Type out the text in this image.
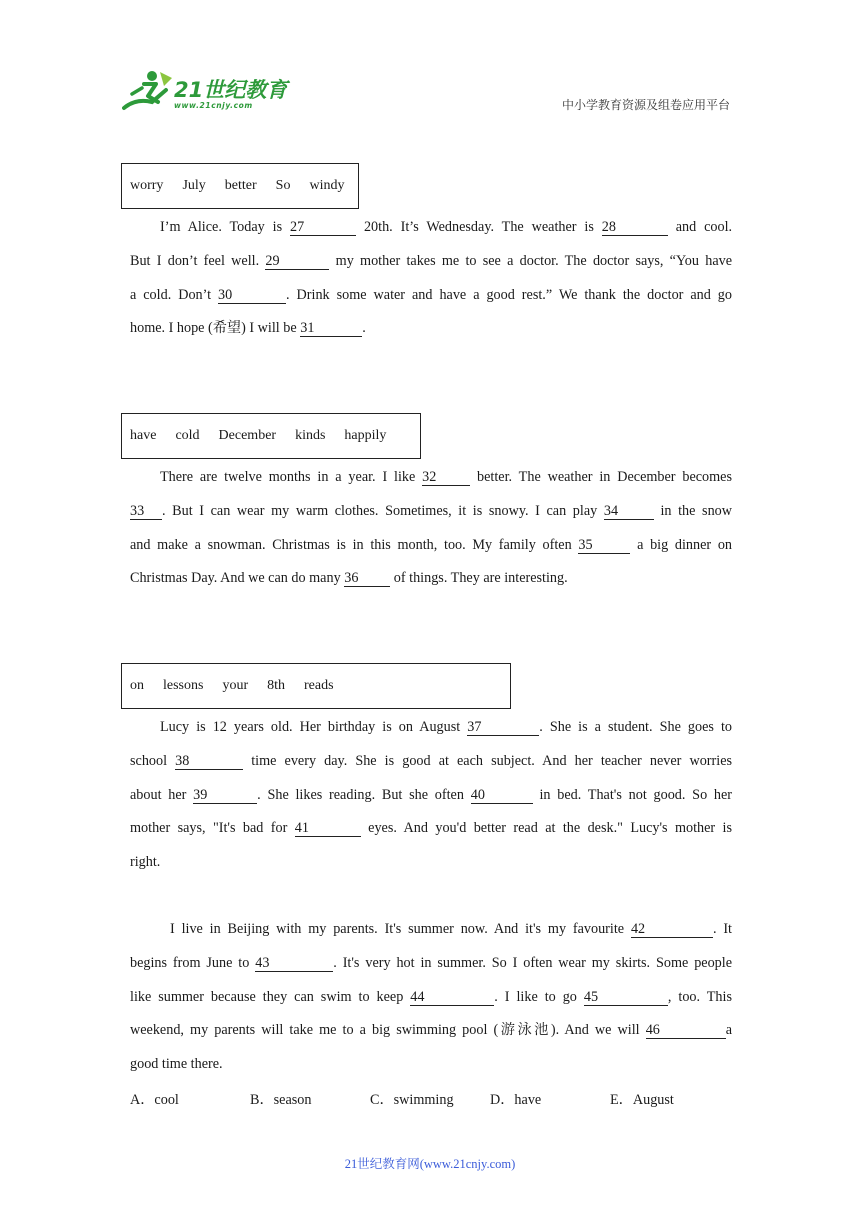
21世纪教育
www.21cnjy.com	中小学教育资源及组卷应用平台
worry July better So windy
I’m Alice. Today is 27	20th. It’s Wednesday. The weather is 28	and cool.
But I don’t feel well. 29	my mother takes me to see a doctor. The doctor says, “You have
a cold. Don’t 30	. Drink some water and have a good rest.” We thank the doctor and go
home. I hope (希望) I will be 31	.
have cold December kinds happily
There are twelve months in a year. I like 32	better. The weather in December becomes
33 . But I can wear my warm clothes. Sometimes, it is snowy. I can play 34	in the snow
and make a snowman. Christmas is in this month, too. My family often 35	a big dinner on
Christmas Day. And we can do many 36 of things. They are interesting.
on lessons your 8th reads
Lucy is 12 years old. Her birthday is on August 37	. She is a student. She goes to
school 38	time every day. She is good at each subject. And her teacher never worries
about her 39	. She likes reading. But she often 40	in bed. That's not good. So her
mother says, "It's bad for 41	eyes. And you'd better read at the desk." Lucy's mother is
right.
I live in Beijing with my parents. It's summer now. And it's my favourite 42	. It
begins from June to 43	. It's very hot in summer. So I often wear my skirts. Some people
like summer because they can swim to keep 44	. I like to go 45	, too. This
weekend, my parents will take me to a big swimming pool (游泳池). And we will 46	a
good time there.
A．cool	B．season	C．swimming	D．have	E．August
21世纪教育网(www.21cnjy.com)
